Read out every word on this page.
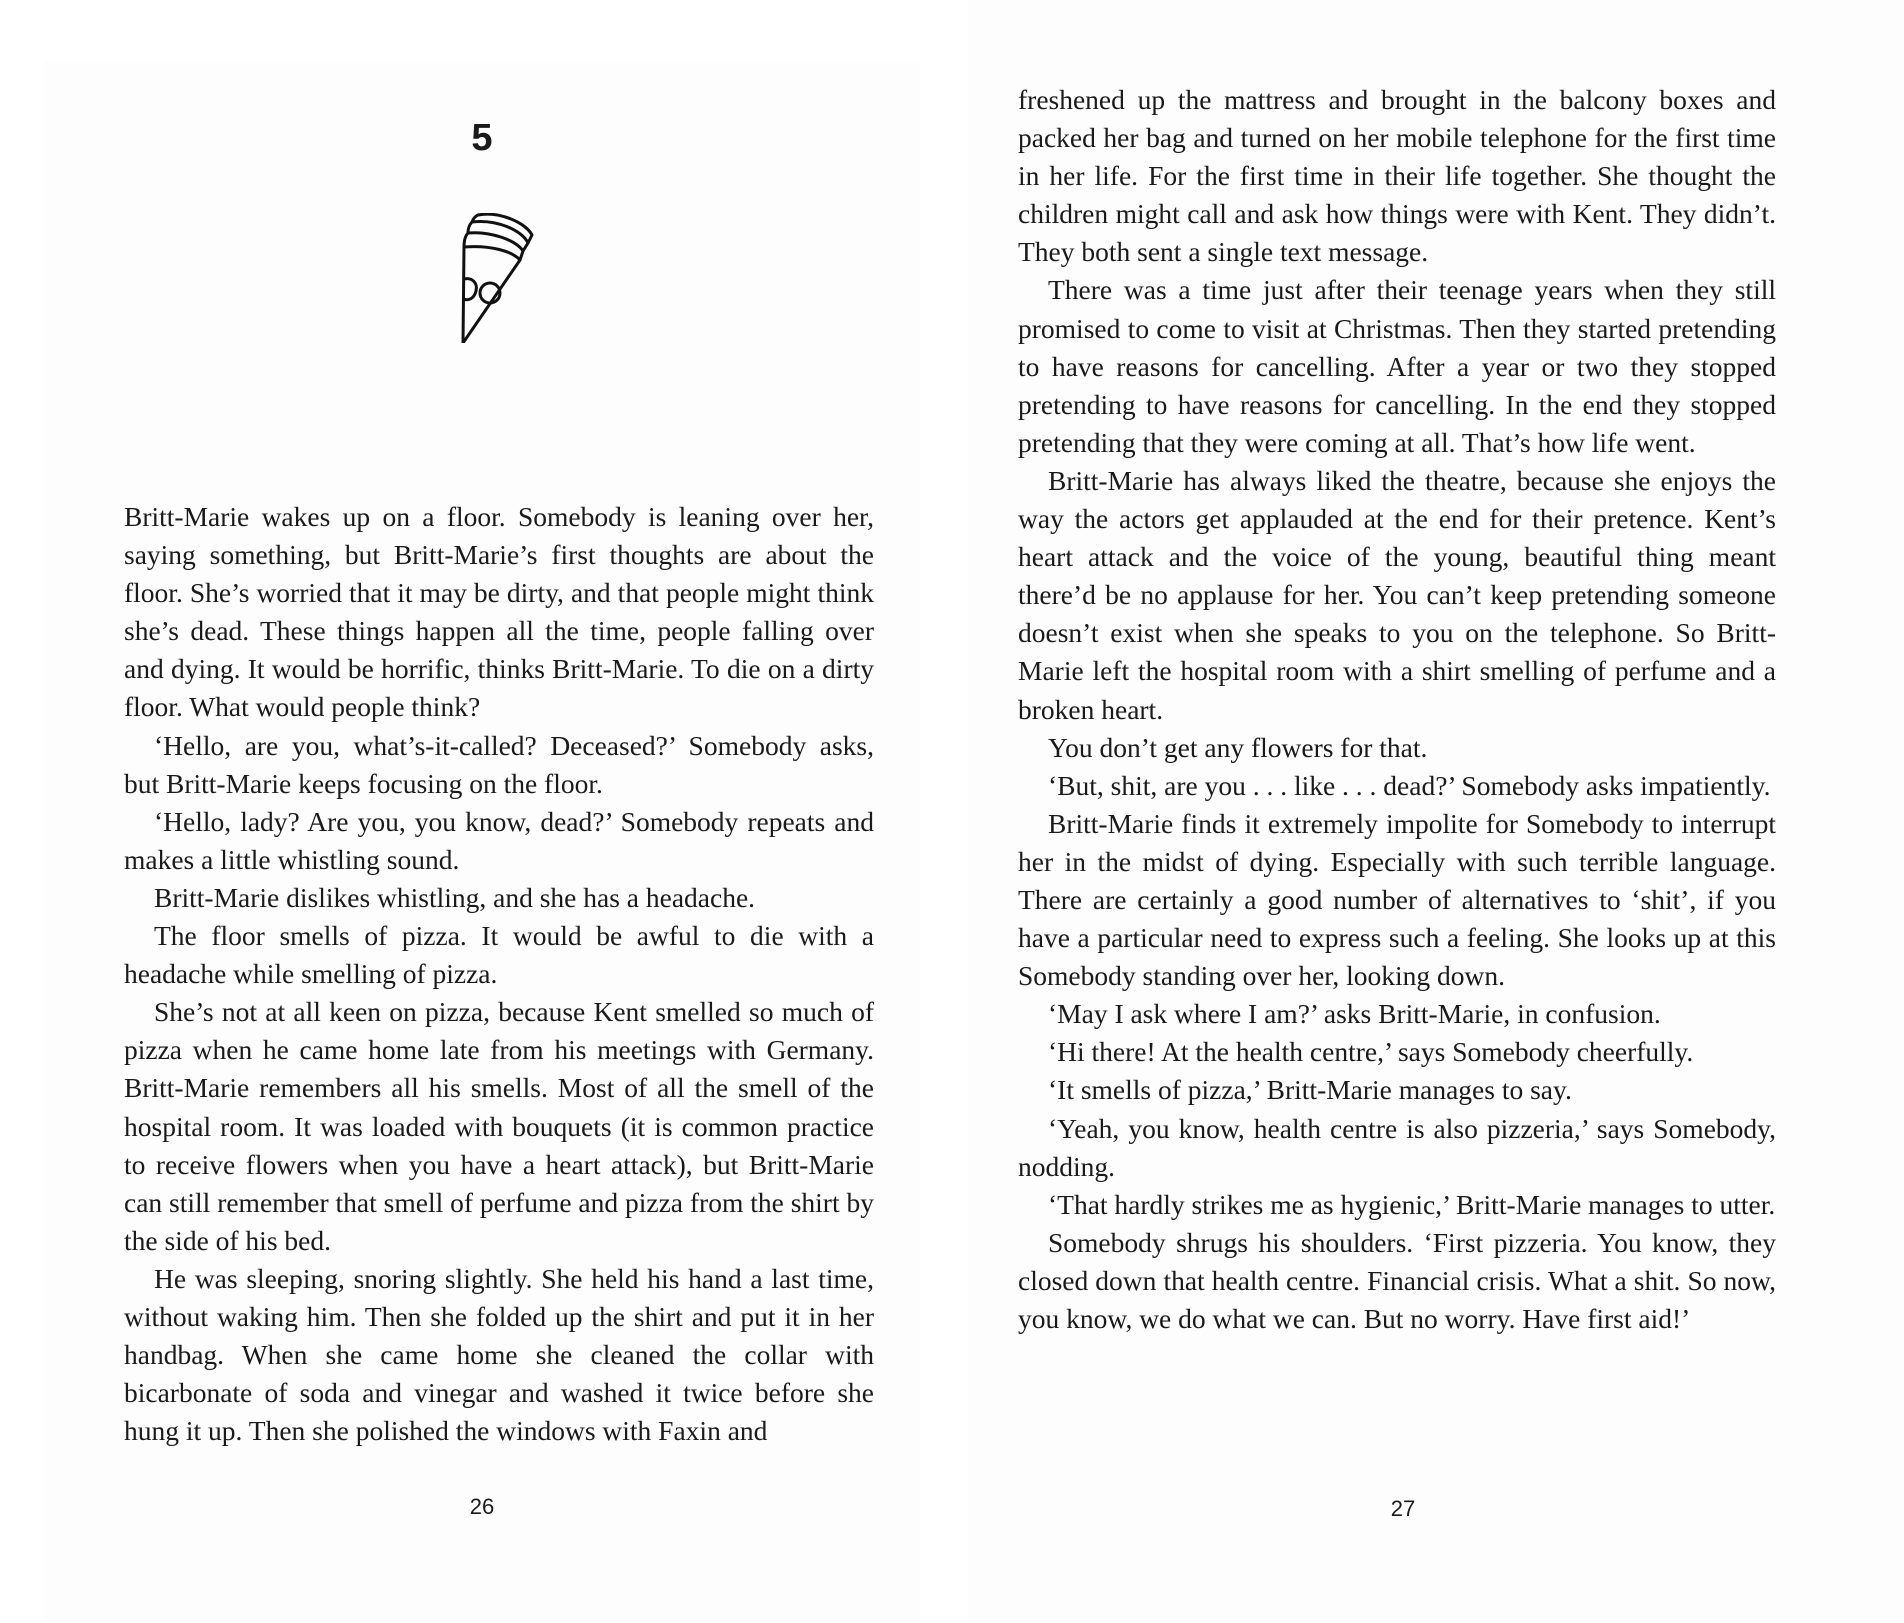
5

Britt-Marie wakes up on a floor. Somebody is leaning over her, saying something, but Britt-Marie’s first thoughts are about the floor. She’s worried that it may be dirty, and that people might think she’s dead. These things happen all the time, people falling over and dying. It would be horrific, thinks Britt-Marie. To die on a dirty floor. What would people think?

‘Hello, are you, what’s-it-called? Deceased?’ Somebody asks, but Britt-Marie keeps focusing on the floor.

‘Hello, lady? Are you, you know, dead?’ Somebody repeats and makes a little whistling sound.

Britt-Marie dislikes whistling, and she has a headache.

The floor smells of pizza. It would be awful to die with a headache while smelling of pizza.

She’s not at all keen on pizza, because Kent smelled so much of pizza when he came home late from his meetings with Germany. Britt-Marie remembers all his smells. Most of all the smell of the hospital room. It was loaded with bouquets (it is common practice to receive flowers when you have a heart attack), but Britt-Marie can still remember that smell of perfume and pizza from the shirt by the side of his bed.

He was sleeping, snoring slightly. She held his hand a last time, without waking him. Then she folded up the shirt and put it in her handbag. When she came home she cleaned the collar with bicarbonate of soda and vinegar and washed it twice before she hung it up. Then she polished the windows with Faxin and

26

freshened up the mattress and brought in the balcony boxes and packed her bag and turned on her mobile telephone for the first time in her life. For the first time in their life together. She thought the children might call and ask how things were with Kent. They didn’t. They both sent a single text message.

There was a time just after their teenage years when they still promised to come to visit at Christmas. Then they started pretending to have reasons for cancelling. After a year or two they stopped pretending to have reasons for cancelling. In the end they stopped pretending that they were coming at all. That’s how life went.

Britt-Marie has always liked the theatre, because she enjoys the way the actors get applauded at the end for their pretence. Kent’s heart attack and the voice of the young, beautiful thing meant there’d be no applause for her. You can’t keep pretending someone doesn’t exist when she speaks to you on the telephone. So Britt-Marie left the hospital room with a shirt smelling of perfume and a broken heart.

You don’t get any flowers for that.

‘But, shit, are you . . . like . . . dead?’ Somebody asks impatiently.

Britt-Marie finds it extremely impolite for Somebody to interrupt her in the midst of dying. Especially with such terrible language. There are certainly a good number of alternatives to ‘shit’, if you have a particular need to express such a feeling. She looks up at this Somebody standing over her, looking down.

‘May I ask where I am?’ asks Britt-Marie, in confusion.

‘Hi there! At the health centre,’ says Somebody cheerfully.

‘It smells of pizza,’ Britt-Marie manages to say.

‘Yeah, you know, health centre is also pizzeria,’ says Somebody, nodding.

‘That hardly strikes me as hygienic,’ Britt-Marie manages to utter.

Somebody shrugs his shoulders. ‘First pizzeria. You know, they closed down that health centre. Financial crisis. What a shit. So now, you know, we do what we can. But no worry. Have first aid!’

27
